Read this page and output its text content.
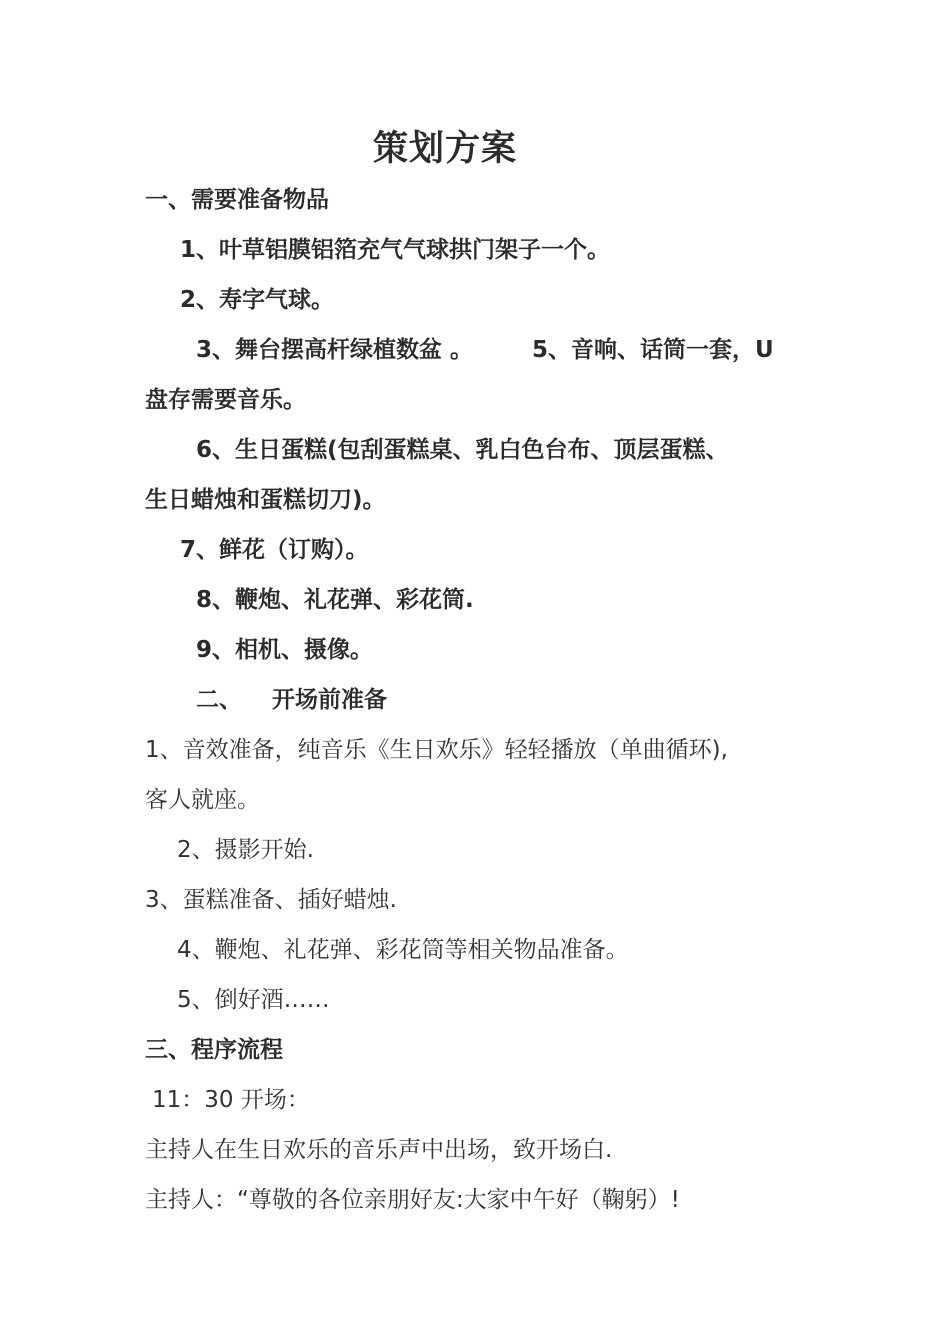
策划方案
一、需要准备物品
1、叶草铝膜铝箔充气气球拱门架子一个。
2、寿字气球。
3、舞台摆高杆绿植数盆 。	5、音响、话筒一套，U
盘存需要音乐。
6、生日蛋糕(包刮蛋糕桌、乳白色台布、顶层蛋糕、
生日蜡烛和蛋糕切刀)。
7、鲜花（订购）。
8、鞭炮、礼花弹、彩花筒.
9、相机、摄像。
二、 开场前准备
1、音效准备，纯音乐《生日欢乐》轻轻播放（单曲循环),
客人就座。
2、摄影开始.
3、蛋糕准备、插好蜡烛.
4、鞭炮、礼花弹、彩花筒等相关物品准备。
5、倒好酒……
三、程序流程
11：30 开场：
主持人在生日欢乐的音乐声中出场，致开场白.
主持人：“尊敬的各位亲朋好友:大家中午好（鞠躬）!
